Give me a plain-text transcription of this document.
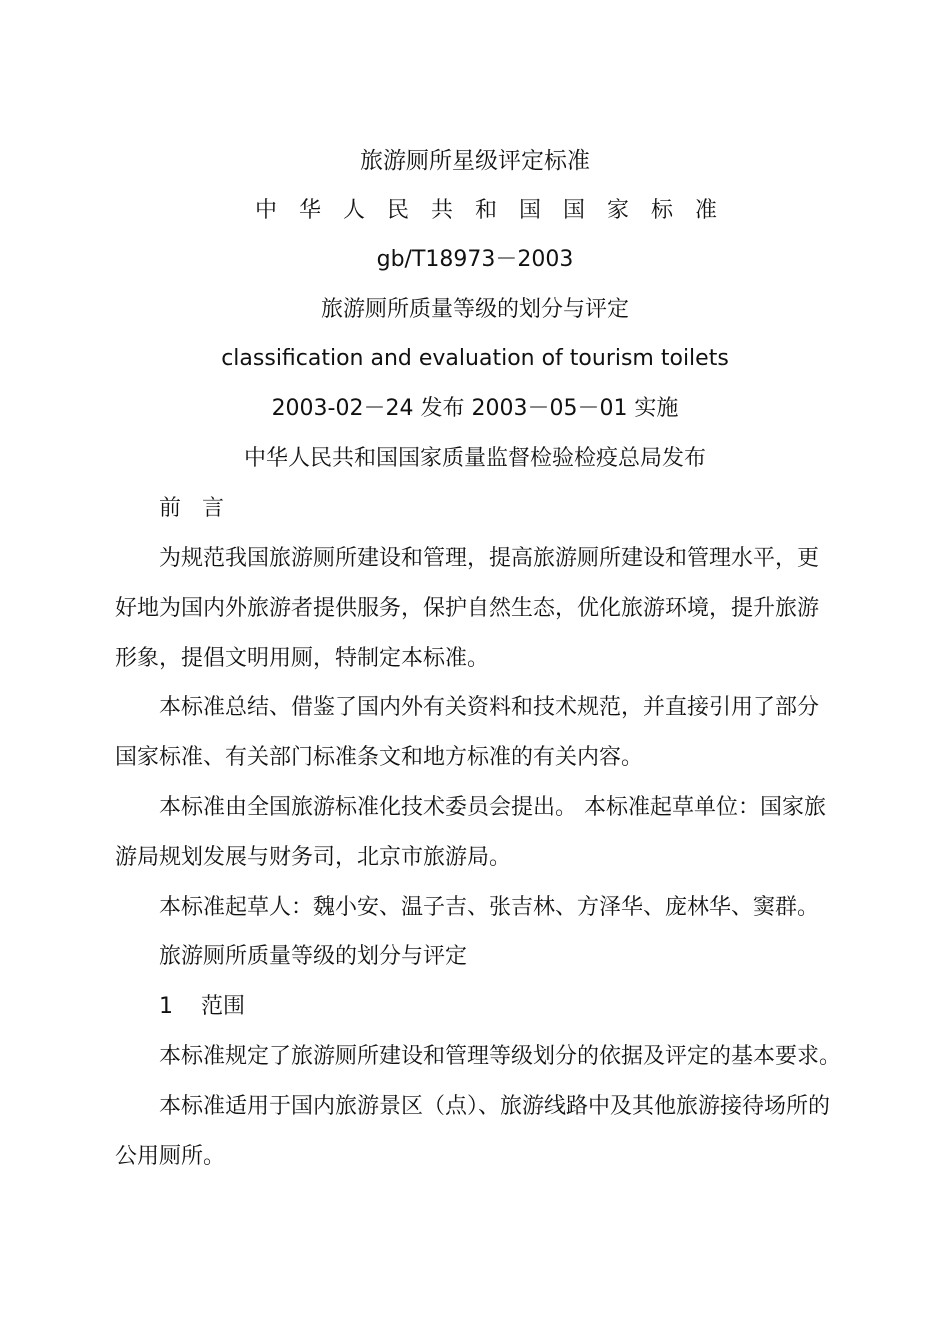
旅游厕所星级评定标准
中华人民共和国国家标准
gb/T18973－2003
旅游厕所质量等级的划分与评定
classification and evaluation of tourism toilets
2003-02－24 发布 2003－05－01 实施
中华人民共和国国家质量监督检验检疫总局发布
前 言
为规范我国旅游厕所建设和管理，提高旅游厕所建设和管理水平，更
好地为国内外旅游者提供服务，保护自然生态，优化旅游环境，提升旅游
形象，提倡文明用厕，特制定本标准。
本标准总结、借鉴了国内外有关资料和技术规范，并直接引用了部分
国家标准、有关部门标准条文和地方标准的有关内容。
本标准由全国旅游标准化技术委员会提出。 本标准起草单位：国家旅
游局规划发展与财务司，北京市旅游局。
本标准起草人：魏小安、温子吉、张吉林、方泽华、庞林华、窦群。
旅游厕所质量等级的划分与评定
1 范围
本标准规定了旅游厕所建设和管理等级划分的依据及评定的基本要求。
本标准适用于国内旅游景区（点）、旅游线路中及其他旅游接待场所的
公用厕所。
